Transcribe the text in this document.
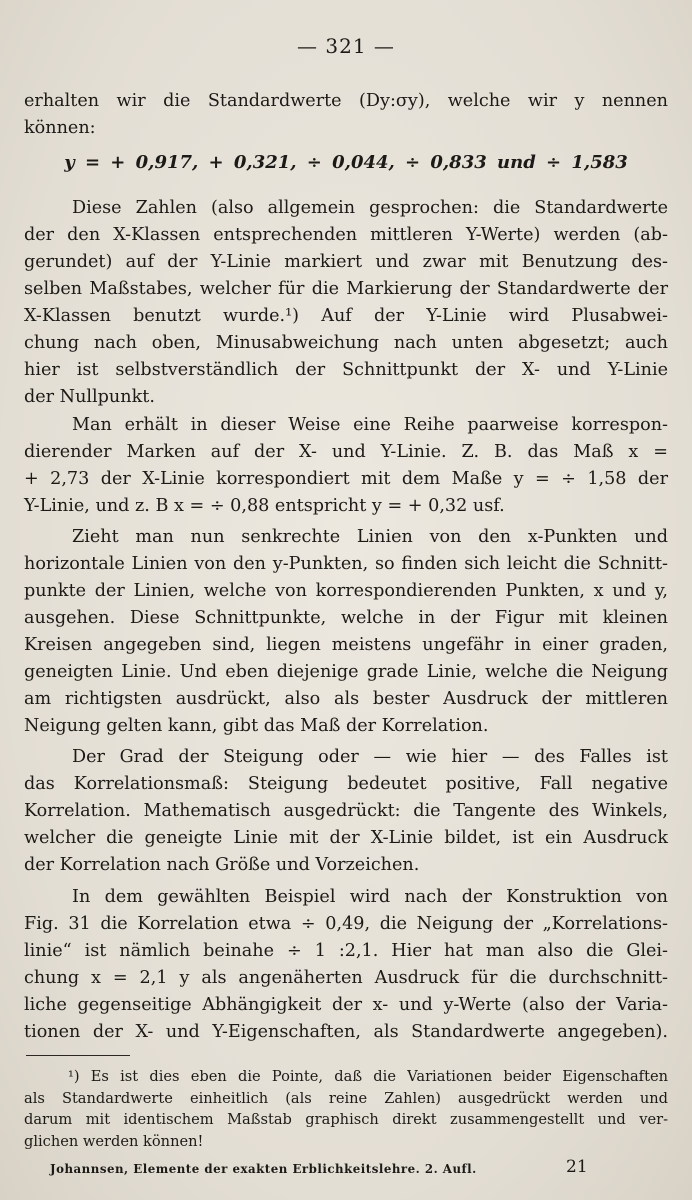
— 321 —
erhalten wir die Standardwerte (Dy:σy), welche wir y nennen
können:
y = + 0,917, + 0,321, ÷ 0,044, ÷ 0,833 und ÷ 1,583
Diese Zahlen (also allgemein gesprochen: die Standardwerte
der den X-Klassen entsprechenden mittleren Y-Werte) werden (ab-
gerundet) auf der Y-Linie markiert und zwar mit Benutzung des-
selben Maßstabes, welcher für die Markierung der Standardwerte der
X-Klassen benutzt wurde.¹) Auf der Y-Linie wird Plusabwei-
chung nach oben, Minusabweichung nach unten abgesetzt; auch
hier ist selbstverständlich der Schnittpunkt der X- und Y-Linie
der Nullpunkt.
Man erhält in dieser Weise eine Reihe paarweise korrespon-
dierender Marken auf der X- und Y-Linie. Z. B. das Maß x =
+ 2,73 der X-Linie korrespondiert mit dem Maße y = ÷ 1,58 der
Y-Linie, und z. B x = ÷ 0,88 entspricht y = + 0,32 usf.
Zieht man nun senkrechte Linien von den x-Punkten und
horizontale Linien von den y-Punkten, so finden sich leicht die Schnitt-
punkte der Linien, welche von korrespondierenden Punkten, x und y,
ausgehen. Diese Schnittpunkte, welche in der Figur mit kleinen
Kreisen angegeben sind, liegen meistens ungefähr in einer graden,
geneigten Linie. Und eben diejenige grade Linie, welche die Neigung
am richtigsten ausdrückt, also als bester Ausdruck der mittleren
Neigung gelten kann, gibt das Maß der Korrelation.
Der Grad der Steigung oder — wie hier — des Falles ist
das Korrelationsmaß: Steigung bedeutet positive, Fall negative
Korrelation. Mathematisch ausgedrückt: die Tangente des Winkels,
welcher die geneigte Linie mit der X-Linie bildet, ist ein Ausdruck
der Korrelation nach Größe und Vorzeichen.
In dem gewählten Beispiel wird nach der Konstruktion von
Fig. 31 die Korrelation etwa ÷ 0,49, die Neigung der „Korrelations-
linie“ ist nämlich beinahe ÷ 1 :2,1. Hier hat man also die Glei-
chung x = 2,1 y als angenäherten Ausdruck für die durchschnitt-
liche gegenseitige Abhängigkeit der x- und y-Werte (also der Varia-
tionen der X- und Y-Eigenschaften, als Standardwerte angegeben).
¹) Es ist dies eben die Pointe, daß die Variationen beider Eigenschaften
als Standardwerte einheitlich (als reine Zahlen) ausgedrückt werden und
darum mit identischem Maßstab graphisch direkt zusammengestellt und ver-
glichen werden können!
Johannsen, Elemente der exakten Erblichkeitslehre. 2. Aufl.	21
